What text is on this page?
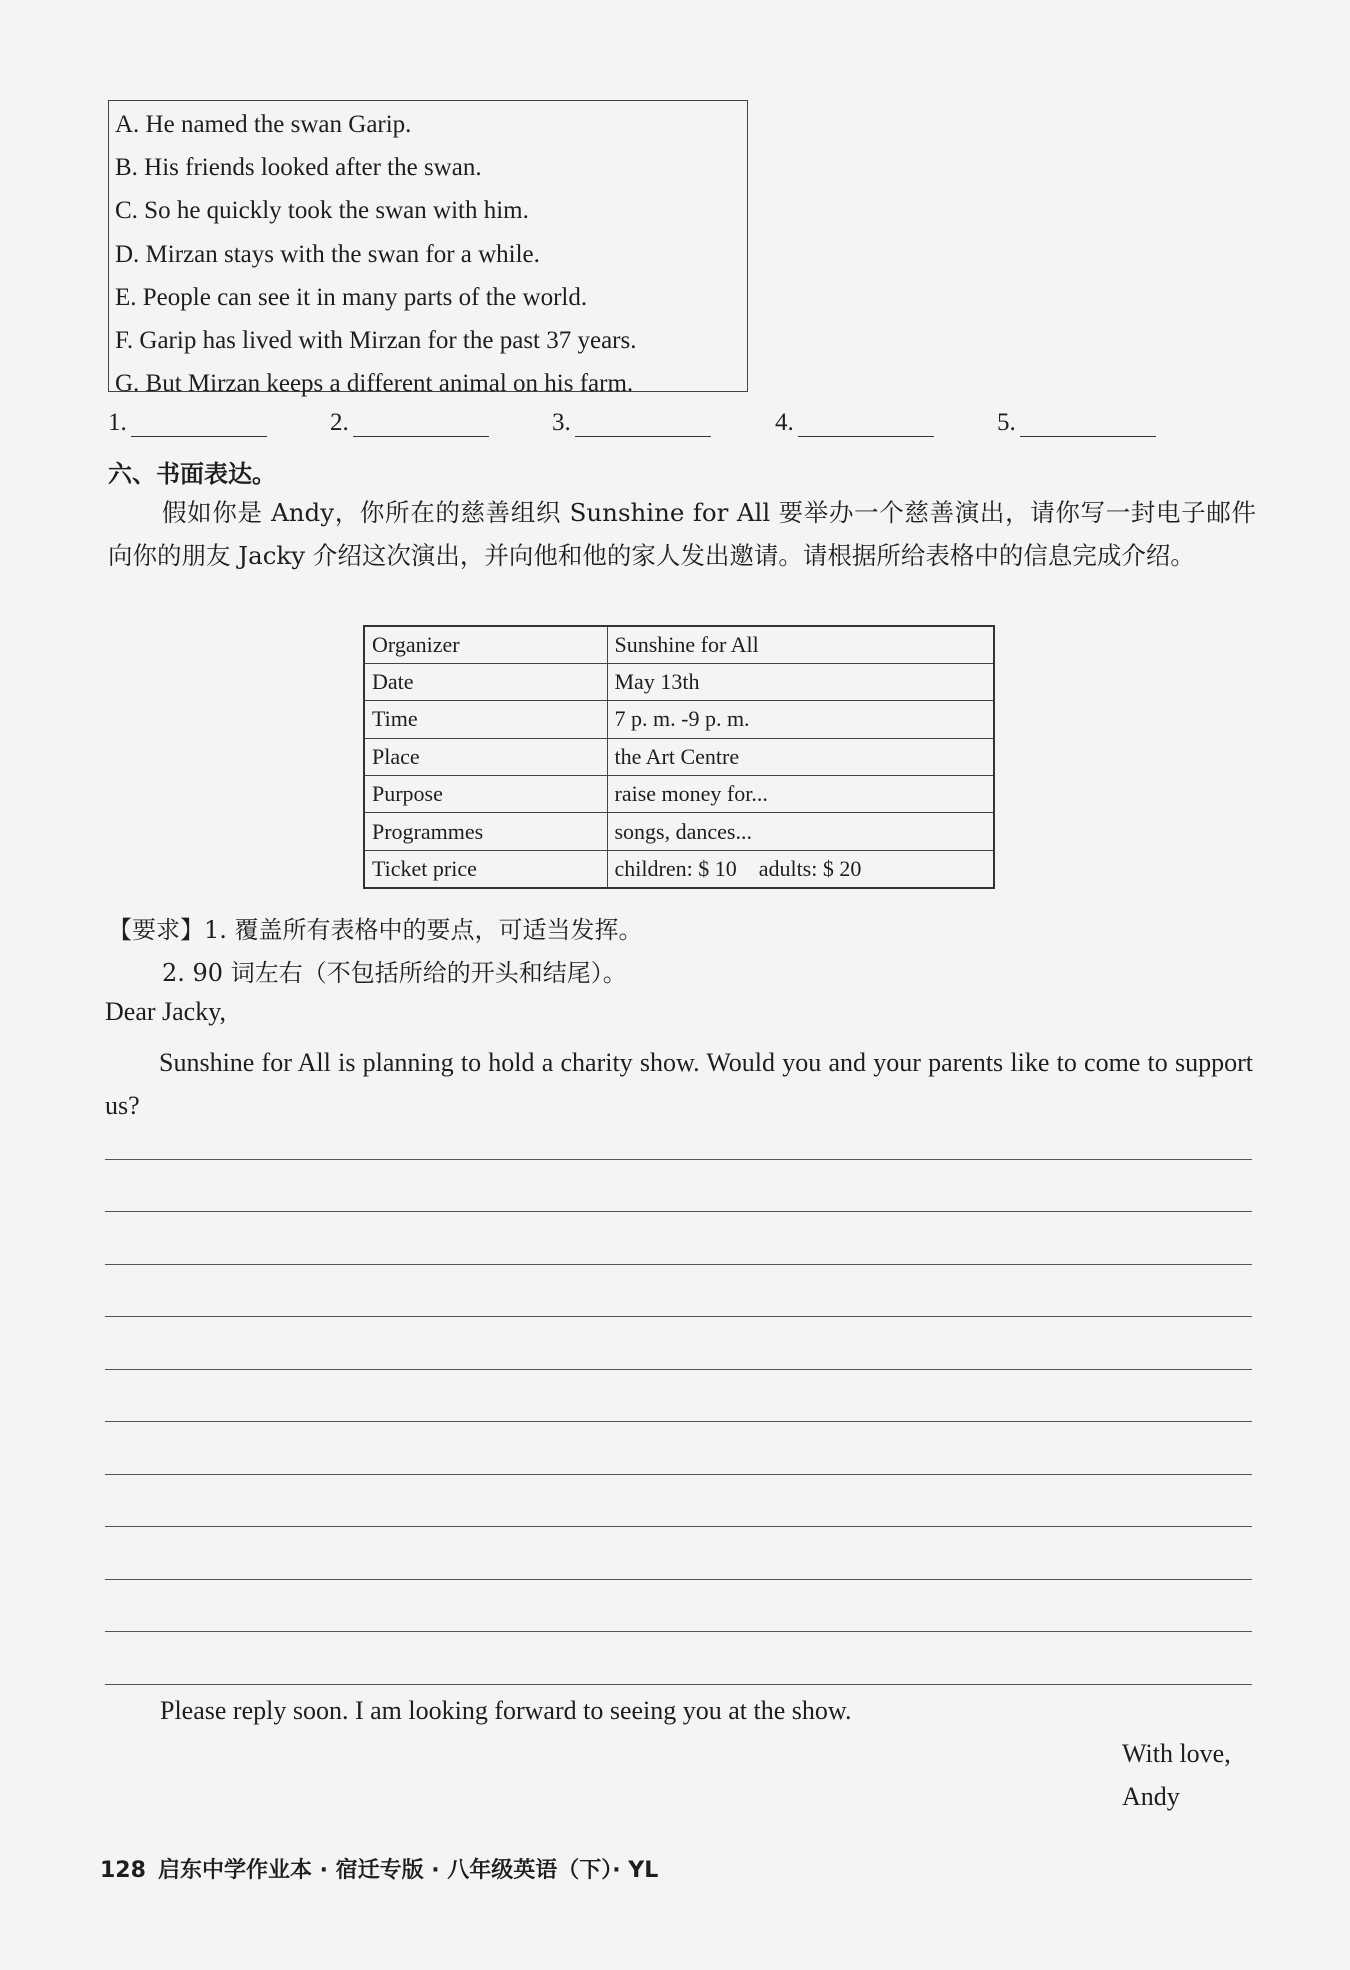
A. He named the swan Garip.
B. His friends looked after the swan.
C. So he quickly took the swan with him.
D. Mirzan stays with the swan for a while.
E. People can see it in many parts of the world.
F. Garip has lived with Mirzan for the past 37 years.
G. But Mirzan keeps a different animal on his farm.
1.	2.	3.	4.	5.
六、书面表达。
假如你是 Andy，你所在的慈善组织 Sunshine for All 要举办一个慈善演出，请你写一封电子邮件向你的朋友 Jacky 介绍这次演出，并向他和他的家人发出邀请。请根据所给表格中的信息完成介绍。
Organizer	Sunshine for All
Date	May 13th
Time	7 p. m. -9 p. m.
Place	the Art Centre
Purpose	raise money for...
Programmes	songs, dances...
Ticket price	children: $ 10    adults: $ 20
【要求】1. 覆盖所有表格中的要点，可适当发挥。
2. 90 词左右（不包括所给的开头和结尾）。
Dear Jacky,
Sunshine for All is planning to hold a charity show. Would you and your parents like to come to support us?
Please reply soon. I am looking forward to seeing you at the show.
With love,
Andy
128 启东中学作业本 · 宿迁专版 · 八年级英语（下）· YL
